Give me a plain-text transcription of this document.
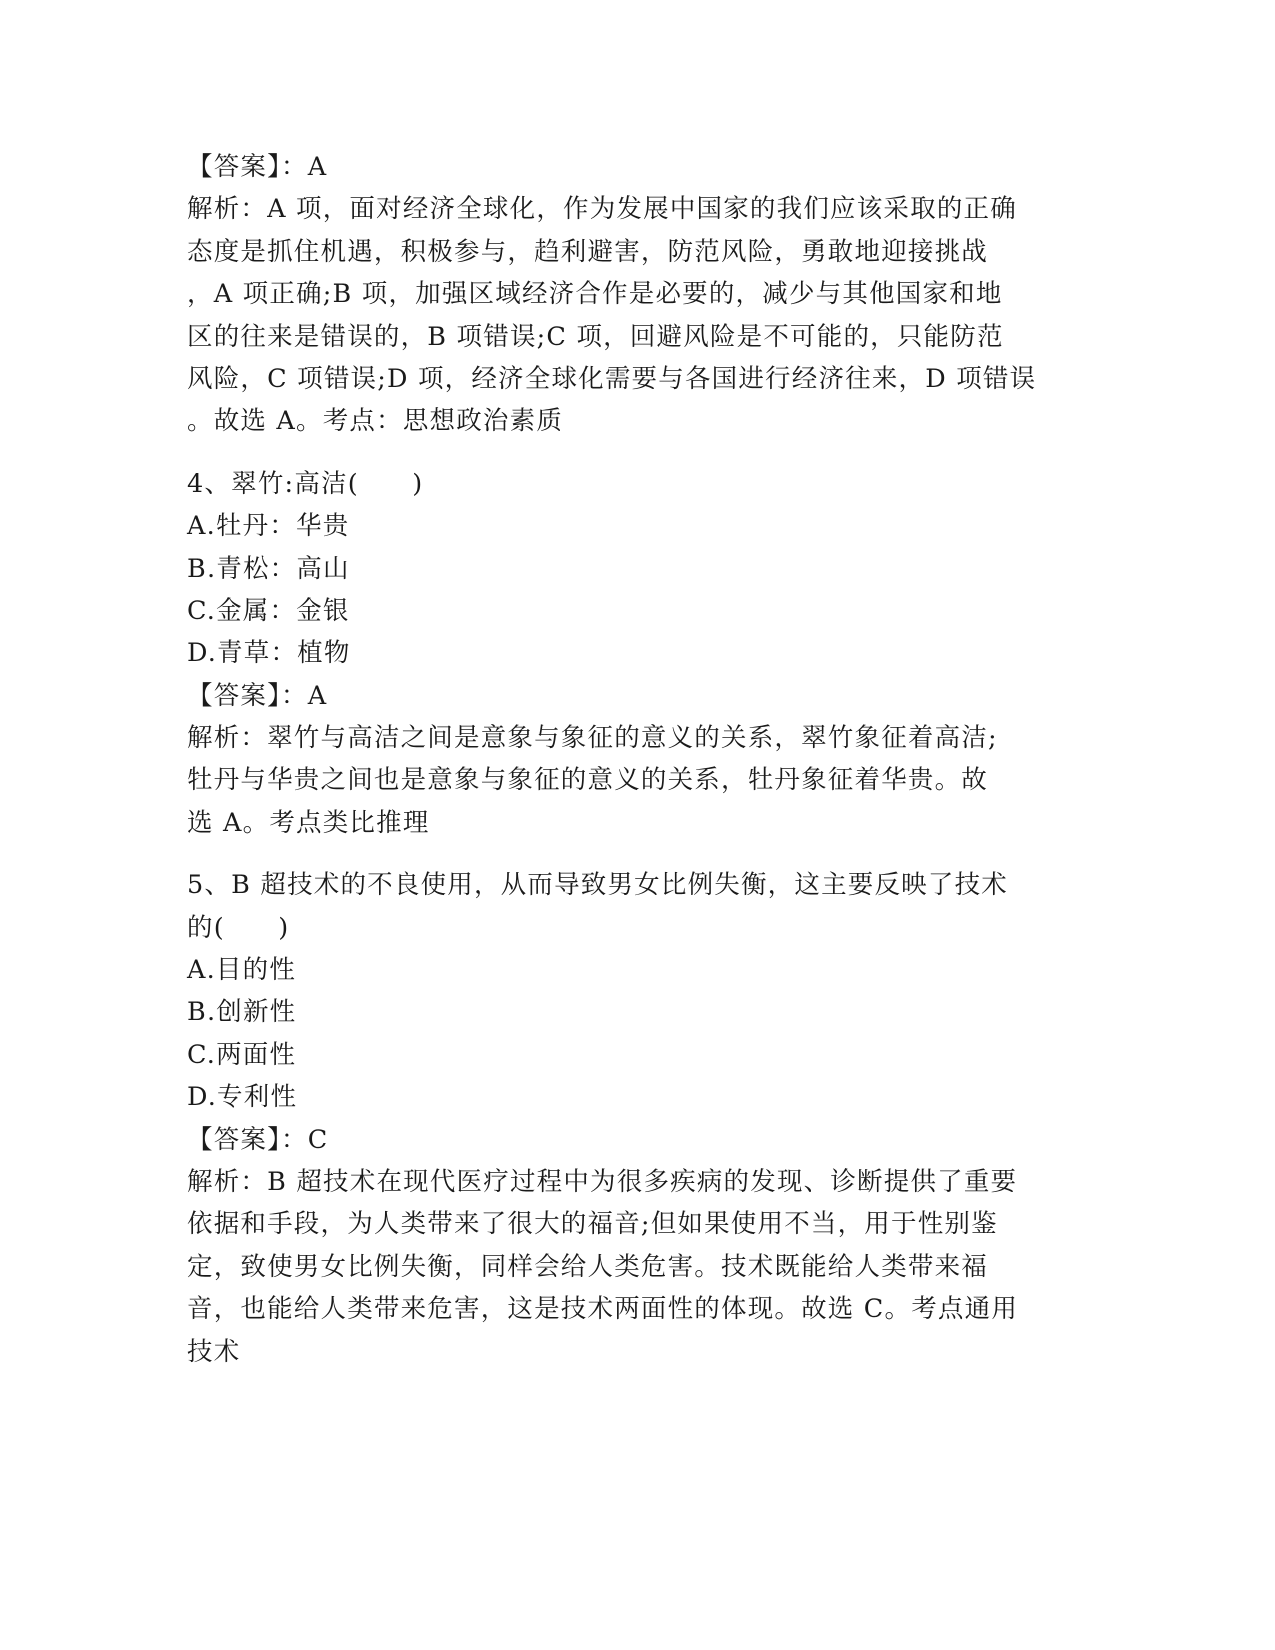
【答案】：A
解析：A 项，面对经济全球化，作为发展中国家的我们应该采取的正确
态度是抓住机遇，积极参与，趋利避害，防范风险，勇敢地迎接挑战
，A 项正确;B 项，加强区域经济合作是必要的，减少与其他国家和地
区的往来是错误的，B 项错误;C 项，回避风险是不可能的，只能防范
风险，C 项错误;D 项，经济全球化需要与各国进行经济往来，D 项错误
。故选 A。考点：思想政治素质
4、翠竹:高洁(　　)
A.牡丹：华贵
B.青松：高山
C.金属：金银
D.青草：植物
【答案】：A
解析：翠竹与高洁之间是意象与象征的意义的关系，翠竹象征着高洁;
牡丹与华贵之间也是意象与象征的意义的关系，牡丹象征着华贵。故
选 A。考点类比推理
5、B 超技术的不良使用，从而导致男女比例失衡，这主要反映了技术
的(　　)
A.目的性
B.创新性
C.两面性
D.专利性
【答案】：C
解析：B 超技术在现代医疗过程中为很多疾病的发现、诊断提供了重要
依据和手段，为人类带来了很大的福音;但如果使用不当，用于性别鉴
定，致使男女比例失衡，同样会给人类危害。技术既能给人类带来福
音，也能给人类带来危害，这是技术两面性的体现。故选 C。考点通用
技术
